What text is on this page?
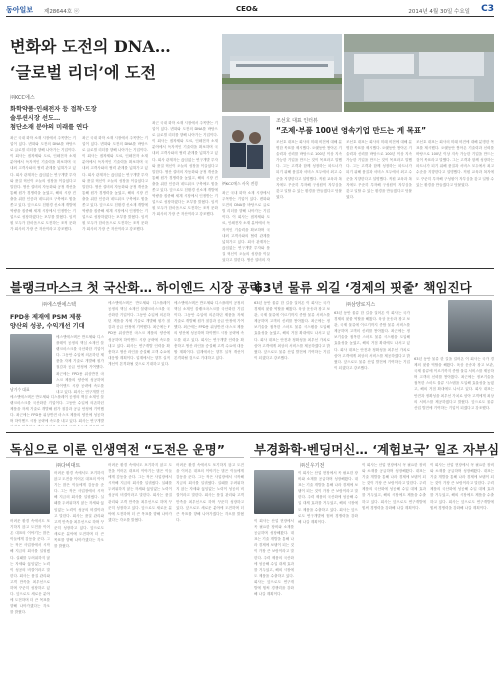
동아일보 제28644호 ⓔ	CEO&	2014년 4월 30일 수요일 C3
변화와 도전의 DNA…
‘글로벌 리더’에 도전
㈜KCC에스
화학약품·인쇄전자 등 접착·도장
솔루션시장 선도…
첨단소재 분야의 미래를 연다
최근 국내 화학 소재 시장에서 주목받는 기업이 있다. 변화와 도전의 DNA를 바탕으로 글로벌 리더를 향해 나아가는 기업이다. 이 회사는 접착제와 도료, 인쇄전자 소재 분야에서 독자적인 기술력을 확보하며 국내외 고객사와의 협력 관계를 넓혀가고 있다. 회사 관계자는 끊임없는 연구개발 투자와 품질 혁신이 오늘의 성장을 이끌었다고 말한다. 생산 설비의 자동화와 공정 개선을 통해 원가 경쟁력을 높였고, 해외 시장 진출을 위한 인증과 네트워크 구축에도 힘을 쏟고 있다. 앞으로도 친환경 신소재 개발에 역량을 집중해 세계 시장에서 인정받는 기업으로 성장하겠다는 포부를 밝혔다. 임직원 모두가 한마음으로 도전하는 조직 문화가 회사의 가장 큰 자산이라고 강조했다.
최근 국내 화학 소재 시장에서 주목받는 기업이 있다. 변화와 도전의 DNA를 바탕으로 글로벌 리더를 향해 나아가는 기업이다. 이 회사는 접착제와 도료, 인쇄전자 소재 분야에서 독자적인 기술력을 확보하며 국내외 고객사와의 협력 관계를 넓혀가고 있다. 회사 관계자는 끊임없는 연구개발 투자와 품질 혁신이 오늘의 성장을 이끌었다고 말한다. 생산 설비의 자동화와 공정 개선을 통해 원가 경쟁력을 높였고, 해외 시장 진출을 위한 인증과 네트워크 구축에도 힘을 쏟고 있다. 앞으로도 친환경 신소재 개발에 역량을 집중해 세계 시장에서 인정받는 기업으로 성장하겠다는 포부를 밝혔다. 임직원 모두가 한마음으로 도전하는 조직 문화가 회사의 가장 큰 자산이라고 강조했다.
최근 국내 화학 소재 시장에서 주목받는 기업이 있다. 변화와 도전의 DNA를 바탕으로 글로벌 리더를 향해 나아가는 기업이다. 이 회사는 접착제와 도료, 인쇄전자 소재 분야에서 독자적인 기술력을 확보하며 국내외 고객사와의 협력 관계를 넓혀가고 있다. 회사 관계자는 끊임없는 연구개발 투자와 품질 혁신이 오늘의 성장을 이끌었다고 말한다. 생산 설비의 자동화와 공정 개선을 통해 원가 경쟁력을 높였고, 해외 시장 진출을 위한 인증과 네트워크 구축에도 힘을 쏟고 있다. 앞으로도 친환경 신소재 개발에 역량을 집중해 세계 시장에서 인정받는 기업으로 성장하겠다는 포부를 밝혔다. 임직원 모두가 한마음으로 도전하는 조직 문화가 회사의 가장 큰 자산이라고 강조했다.
㈜KCC에스 사옥 전경
최근 국내 화학 소재 시장에서 주목받는 기업이 있다. 변화와 도전의 DNA를 바탕으로 글로벌 리더를 향해 나아가는 기업이다. 이 회사는 접착제와 도료, 인쇄전자 소재 분야에서 독자적인 기술력을 확보하며 국내외 고객사와의 협력 관계를 넓혀가고 있다. 회사 관계자는 끊임없는 연구개발 투자와 품질 혁신이 오늘의 성장을 이끌었다고 말한다. 생산 설비의 자
조선호 대표 인터뷰
“조제·부품 100년 영속기업 만드는 게 목표”
조선호 대표는 회사의 미래 비전에 대해 분명한 목표를 제시했다. 오랫동안 쌓아온 기술력과 신뢰를 바탕으로 100년 이상 지속 가능한 기업을 만드는 것이 목표라고 말했다. 그는 고객과 함께 성장하는 파트너가 되기 위해 품질과 서비스 모두에서 최고 수준을 지향한다고 설명했다. 직원 교육과 복지에도 꾸준히 투자해 구성원이 자부심을 갖고 일할 수 있는 환경을 만들겠다고 덧붙였다.
조선호 대표는 회사의 미래 비전에 대해 분명한 목표를 제시했다. 오랫동안 쌓아온 기술력과 신뢰를 바탕으로 100년 이상 지속 가능한 기업을 만드는 것이 목표라고 말했다. 그는 고객과 함께 성장하는 파트너가 되기 위해 품질과 서비스 모두에서 최고 수준을 지향한다고 설명했다. 직원 교육과 복지에도 꾸준히 투자해 구성원이 자부심을 갖고 일할 수 있는 환경을 만들겠다고 덧붙였다.
조선호 대표는 회사의 미래 비전에 대해 분명한 목표를 제시했다. 오랫동안 쌓아온 기술력과 신뢰를 바탕으로 100년 이상 지속 가능한 기업을 만드는 것이 목표라고 말했다. 그는 고객과 함께 성장하는 파트너가 되기 위해 품질과 서비스 모두에서 최고 수준을 지향한다고 설명했다. 직원 교육과 복지에도 꾸준히 투자해 구성원이 자부심을 갖고 일할 수 있는 환경을 만들겠다고 덧붙였다.
블랭크마스크 첫 국산화… 하이엔드 시장 공략
㈜에스앤에스텍
FPD용 제재에 PSM 제품
양산의 성공, 수익개선 기대
남기수 대표
에스앤에스텍은 반도체와 디스플레이 공정의 핵심 소재인 블랭크마스크를 국산화한 기업이다. 그동안 수입에 의존하던 제품을 자체 기술로 개발해 원가 절감과 공급 안정에 기여했다. 최근에는 FPD용 위상반전 마스크 제품의 양산에 성공하며 하이엔드 시장 공략에 속도를 내고 있다. 회사는 연구개발 인
에스앤에스텍은 반도체와 디스플레이 공정의 핵심 소재인 블랭크마스크를 국산화한 기업이다. 그동안 수입에 의존하던 제품을 자체 기술로 개발해 원가 절감과 공급 안정에 기여했다. 최근에는 FPD용 위상반전 마스크 제품의 양산에 성공하며 하이엔드 시장 공략에 속도를 내고 있다. 회사는 연구개발
에스앤에스텍은 반도체와 디스플레이 공정의 핵심 소재인 블랭크마스크를 국산화한 기업이다. 그동안 수입에 의존하던 제품을 자체 기술로 개발해 원가 절감과 공급 안정에 기여했다. 최근에는 FPD용 위상반전 마스크 제품의 양산에 성공하며 하이엔드 시장 공략에 속도를 내고 있다. 회사는 연구개발 인력을 확충하고 생산 라인을 증설해 고객 수요에 대응할 계획이다. 업계에서는 향후 실적 개선이 본격화될 것으로 기대하고 있다.
에스앤에스텍은 반도체와 디스플레이 공정의 핵심 소재인 블랭크마스크를 국산화한 기업이다. 그동안 수입에 의존하던 제품을 자체 기술로 개발해 원가 절감과 공급 안정에 기여했다. 최근에는 FPD용 위상반전 마스크 제품의 양산에 성공하며 하이엔드 시장 공략에 속도를 내고 있다. 회사는 연구개발 인력을 확충하고 생산 라인을 증설해 고객 수요에 대응할 계획이다. 업계에서는 향후 실적 개선이 본격화될 것으로 기대하고 있다.
63년 물류 외길 ‘경제의 핏줄’ 책임진다
㈜삼양로지스
63년 동안 물류 한 길을 걸어온 이 회사는 국가 경제의 핏줄 역할을 해왔다. 육상 운송과 창고 보관, 국제 물류에 이르기까지 종합 물류 서비스를 제공하며 고객의 신뢰를 쌓아왔다. 최근에는 정보기술을 접목한 스마트 물류 시스템을 도입해 효율성을 높였고, 해외 거점 확대에도 나서고 있다. 회사 대표는 안전과 정확성을 최우선 가치로 삼아 고객에게 최상의 서비스를 제공하겠다고 밝혔다. 앞으로도 물류 산업 발전에 기여하는 기업이 되겠다고 강조했다.
63년 동안 물류 한 길을 걸어온 이 회사는 국가 경제의 핏줄 역할을 해왔다. 육상 운송과 창고 보관, 국제 물류에 이르기까지 종합 물류 서비스를 제공하며 고객의 신뢰를 쌓아왔다. 최근에는 정보기술을 접목한 스마트 물류 시스템을 도입해 효율성을 높였고, 해외 거점 확대에도 나서고 있다. 회사 대표는 안전과 정확성을 최우선 가치로 삼아 고객에게 최상의 서비스를 제공하겠다고 밝혔다. 앞으로도 물류 산업 발전에 기여하는 기업이 되겠다고 강조했다.
63년 동안 물류 한 길을 걸어온 이 회사는 국가 경제의 핏줄 역할을 해왔다. 육상 운송과 창고 보관, 국제 물류에 이르기까지 종합 물류 서비스를 제공하며 고객의 신뢰를 쌓아왔다. 최근에는 정보기술을 접목한 스마트 물류 시스템을 도입해 효율성을 높였고, 해외 거점 확대에도 나서고 있다. 회사 대표는 안전과 정확성을 최우선 가치로 삼아 고객에게 최상의 서비스를 제공하겠다고 밝혔다. 앞으로도 물류 산업 발전에 기여하는 기업이 되겠다고 강조했다.
독심으로 이룬 인생역전 “도전은 운명”
㈜다비대트
어려운 환경 속에서도 포기하지 않고 도전을 이어온 대표의 이야기는 많은 이들에게 감동을 준다. 그는 작은 사업장에서 시작해 지금의 회사를 일궈냈다. 실패를 두려워하지 않는 자세와 끊임없는 노력이 성공의 비결이라고 말한다. 회사는 품질 관리와 고객 만족을 최우선으로 하며 꾸준히 성장하고 있다. 앞으로도 새로운 분야에 도전하며 더 큰 목표를 향해 나아가겠다는 각오를 밝혔다.
어려운 환경 속에서도 포기하지 않고 도전을 이어온 대표의 이야기는 많은 이들에게 감동을 준다. 그는 작은 사업장에서 시작해 지금의 회사를 일궈냈다. 실패를 두려워하지 않는 자세와 끊임없는 노력이 성공의 비결이라고 말한다. 회사는 품질 관리와 고객 만족을 최우선으로 하며 꾸준히 성장하고 있다. 앞으로도 새로운 분야에 도전하며 더 큰 목표를 향해 나아가겠다는 각오를 밝혔다.
어려운 환경 속에서도 포기하지 않고 도전을 이어온 대표의 이야기는 많은 이들에게 감동을 준다. 그는 작은 사업장에서 시작해 지금의 회사를 일궈냈다. 실패를 두려워하지 않는 자세와 끊임없는 노력이 성공의 비결이라고 말한다. 회사는 품질 관리와 고객 만족을 최우선으로 하며 꾸준히 성장하고 있다. 앞으로도 새로운 분야에 도전하며 더 큰 목표를 향해 나아가겠다는 각오를 밝혔다.
어려운 환경 속에서도 포기하지 않고 도전을 이어온 대표의 이야기는 많은 이들에게 감동을 준다. 그는 작은 사업장에서 시작해 지금의 회사를 일궈냈다. 실패를 두려워하지 않는 자세와 끊임없는 노력이 성공의 비결이라고 말한다. 회사는 품질 관리와 고객 만족을 최우선으로 하며 꾸준히 성장하고 있다. 앞으로도 새로운 분야에 도전하며 더 큰 목표를 향해 나아가겠다는 각오를 밝혔다.
부경화학·벤딩머신… ‘계험보국’ 일조 자부심
㈜신우기전
이 회사는 산업 현장에서 꼭 필요한 장비와 소재를 공급하며 성장해왔다. 대표는 기술 개발을 통해 나라 경제에 보탬이 되는 것이 가장 큰 보람이라고 말한다. 주력 제품의 국산화에 성공해 수입 대체 효과를 거두었고, 해외 시장에도 제품을 수출하고 있다. 회사는 앞으로도 연구개발에 힘써 경쟁력을 강화해 나갈 계획이다.
이 회사는 산업 현장에서 꼭 필요한 장비와 소재를 공급하며 성장해왔다. 대표는 기술 개발을 통해 나라 경제에 보탬이 되는 것이 가장 큰 보람이라고 말한다. 주력 제품의 국산화에 성공해 수입 대체 효과를 거두었고, 해외 시장에도 제품을 수출하고 있다. 회사는 앞으로도 연구개발에 힘써 경쟁력을 강화해 나갈 계획이다.
이 회사는 산업 현장에서 꼭 필요한 장비와 소재를 공급하며 성장해왔다. 대표는 기술 개발을 통해 나라 경제에 보탬이 되는 것이 가장 큰 보람이라고 말한다. 주력 제품의 국산화에 성공해 수입 대체 효과를 거두었고, 해외 시장에도 제품을 수출하고 있다. 회사는 앞으로도 연구개발에 힘써 경쟁력을 강화해 나갈 계획이다.
이 회사는 산업 현장에서 꼭 필요한 장비와 소재를 공급하며 성장해왔다. 대표는 기술 개발을 통해 나라 경제에 보탬이 되는 것이 가장 큰 보람이라고 말한다. 주력 제품의 국산화에 성공해 수입 대체 효과를 거두었고, 해외 시장에도 제품을 수출하고 있다. 회사는 앞으로도 연구개발에 힘써 경쟁력을 강화해 나갈 계획이다.
